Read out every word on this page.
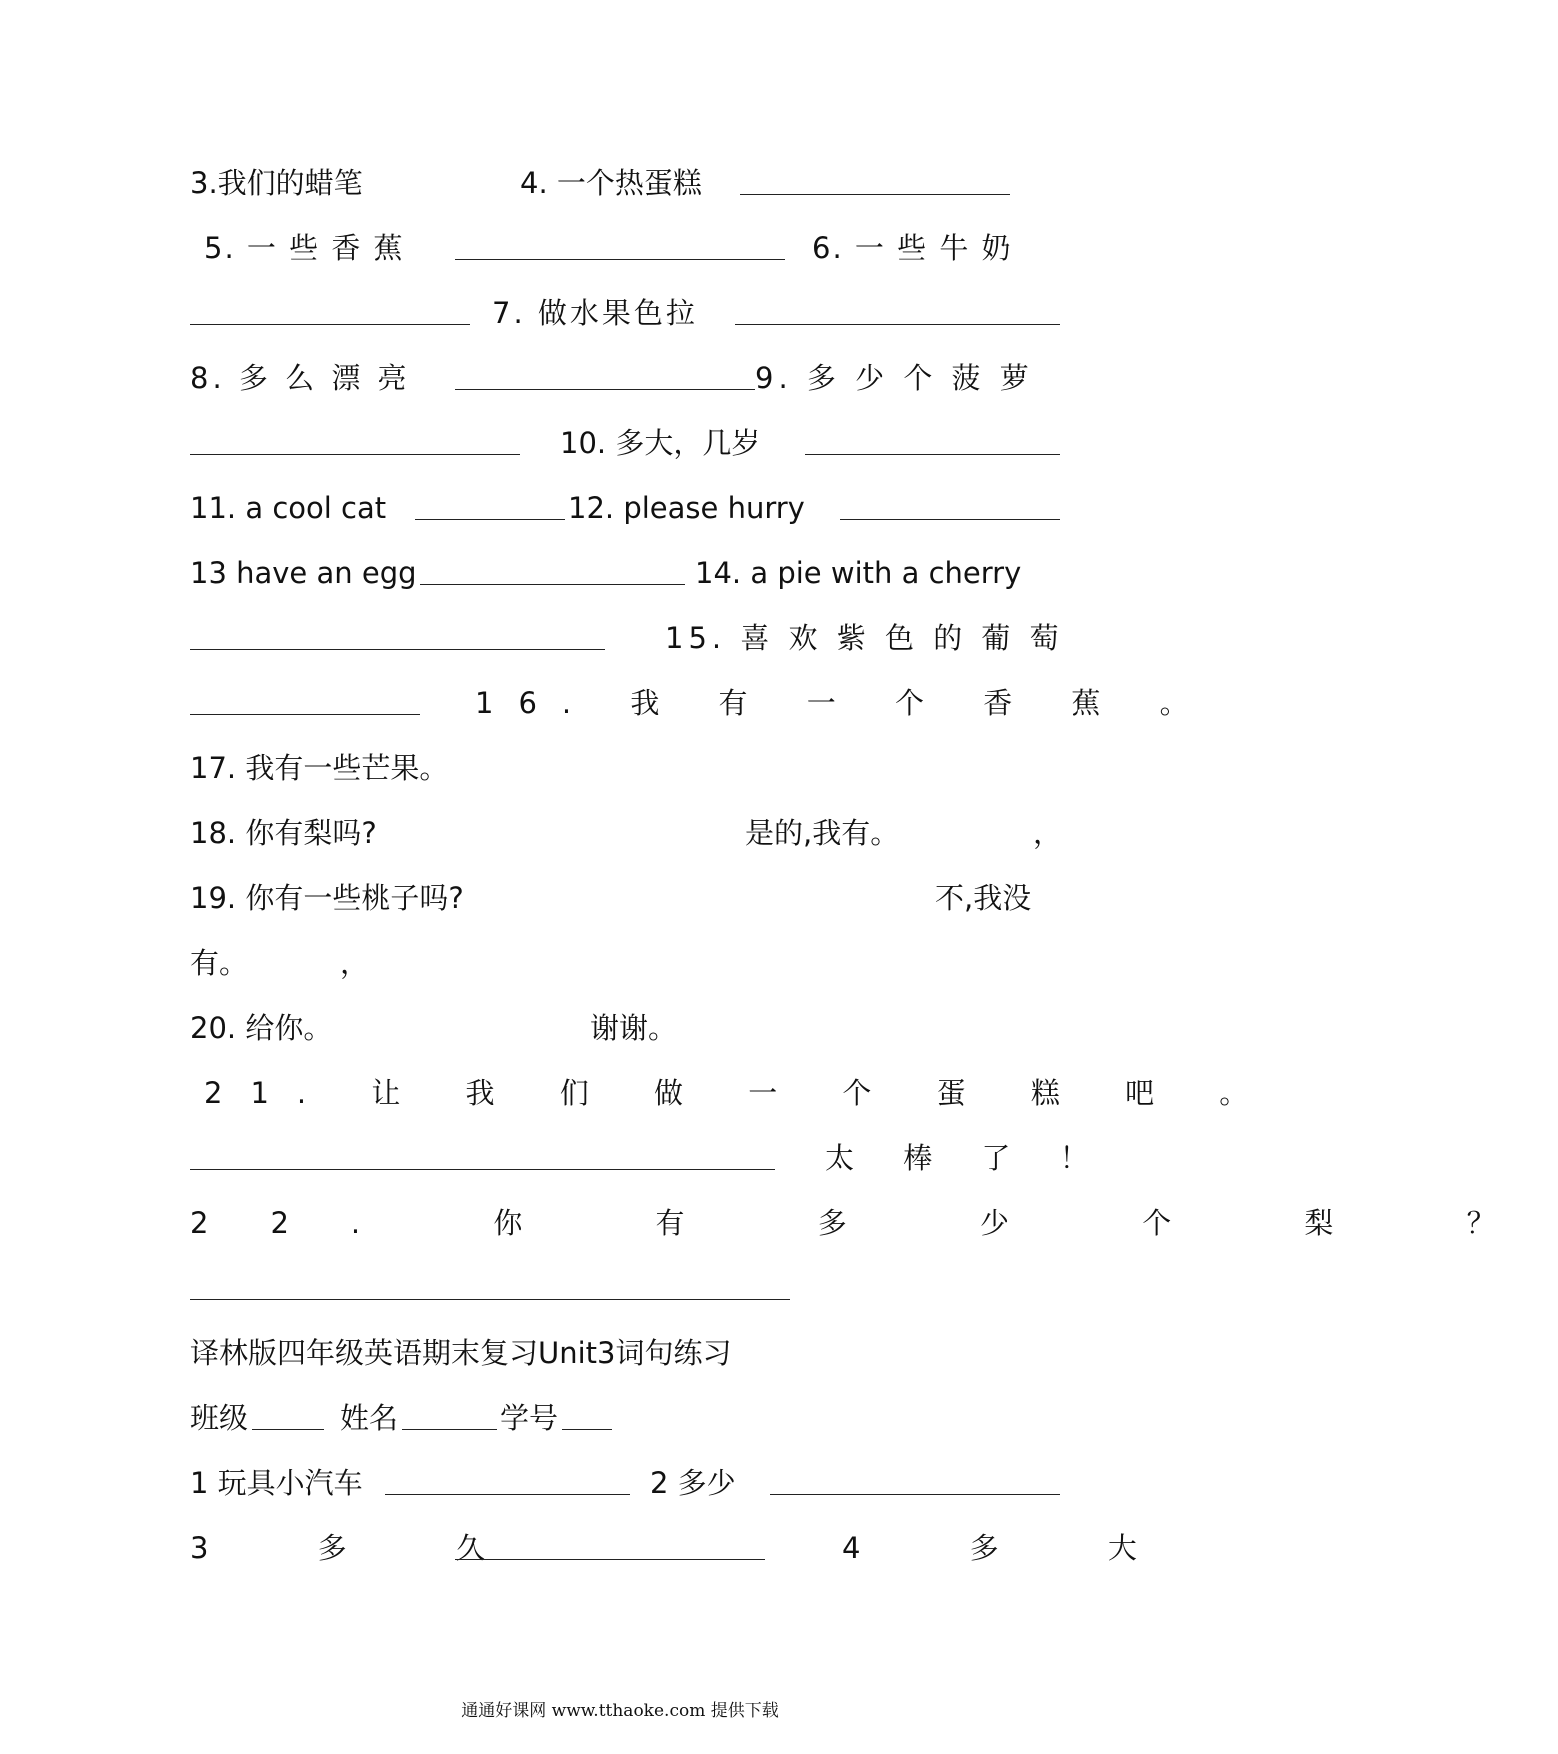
3.我们的蜡笔	4. 一个热蛋糕
5. 一 些 香 蕉	6. 一 些 牛 奶
7. 做水果色拉
8. 多 么 漂 亮	9. 多 少 个 菠 萝
10. 多大，几岁
11. a cool cat	12. please hurry
13 have an egg	14. a pie with a cherry
15. 喜 欢 紫 色 的 葡 萄
16. 我 有 一 个 香 蕉 。
17. 我有一些芒果。
18. 你有梨吗?	是的,我有。	，
19. 你有一些桃子吗?	不,我没
有。	，
20. 给你。	谢谢。
21. 让 我 们 做 一 个 蛋 糕 吧 。
太 棒 了 ！
22. 你 有 多 少 个 梨 ？
译林版四年级英语期末复习Unit3词句练习
班级	姓名	学号
1 玩具小汽车	2 多少
3 多 久	4 多 大
通通好课网 www.tthaoke.com 提供下载
